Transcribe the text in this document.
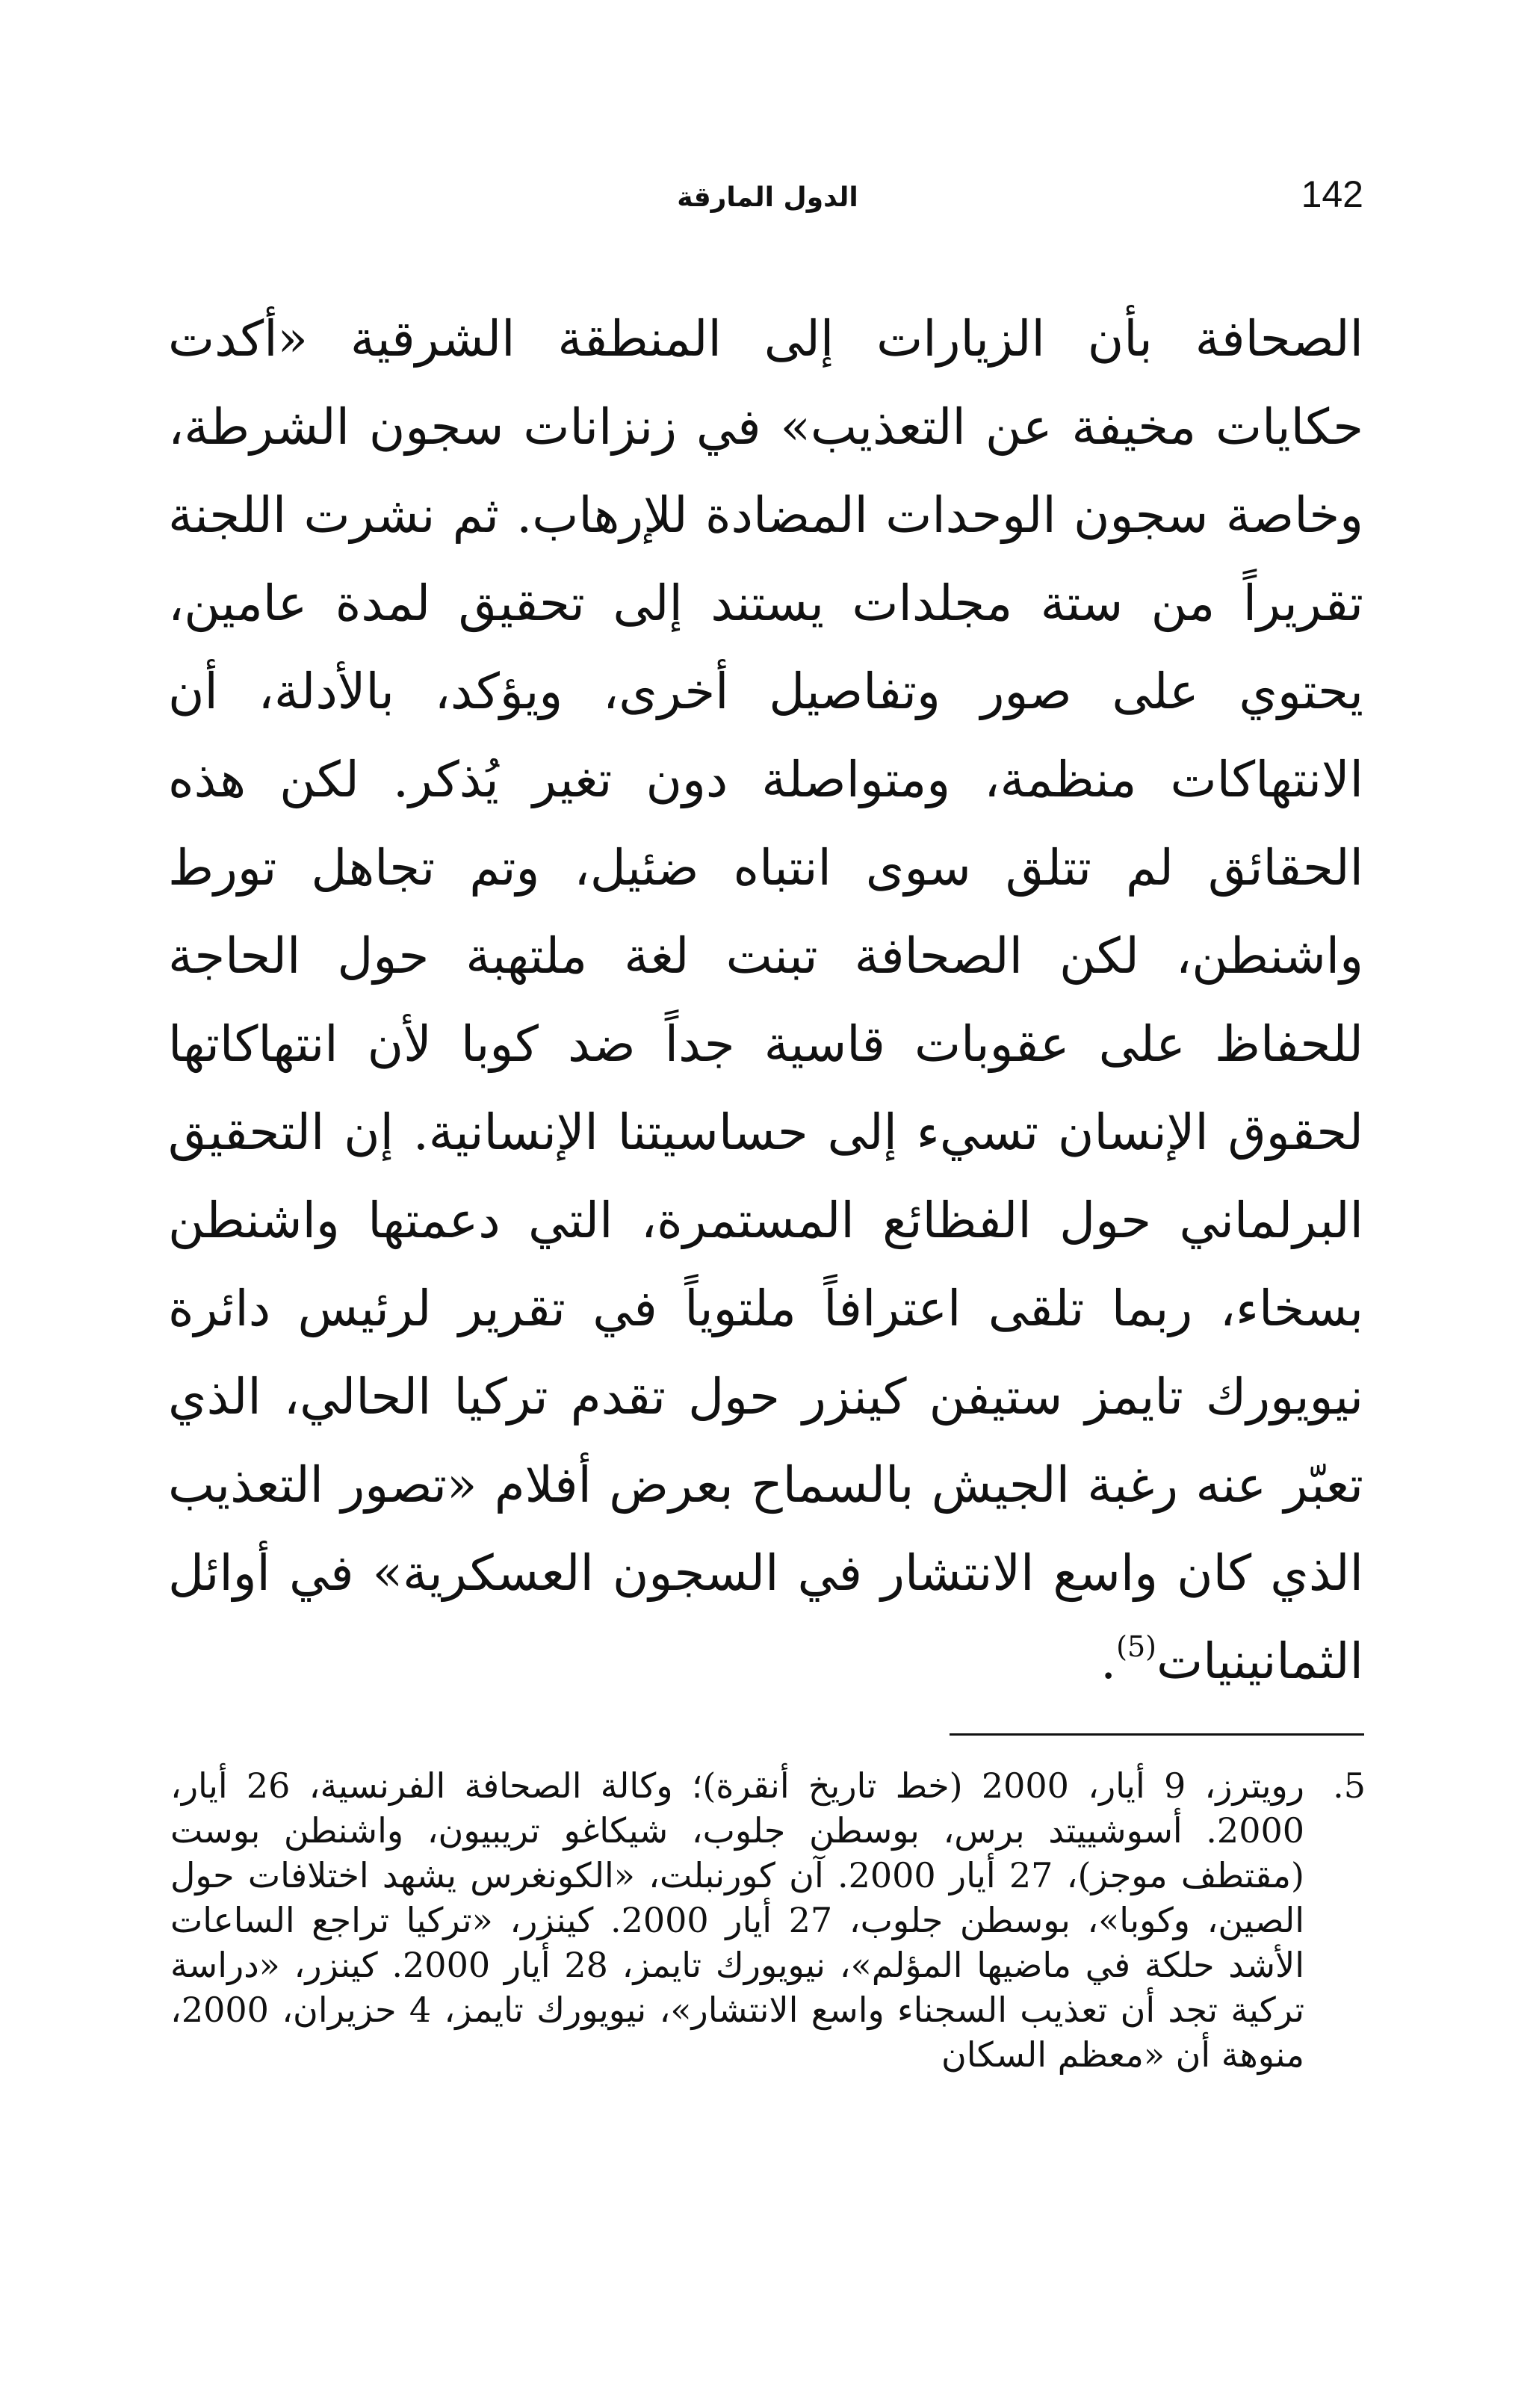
142
الدول المارقة

الصحافة بأن الزيارات إلى المنطقة الشرقية «أكدت حكايات مخيفة عن التعذيب» في زنزانات سجون الشرطة، وخاصة سجون الوحدات المضادة للإرهاب. ثم نشرت اللجنة تقريراً من ستة مجلدات يستند إلى تحقيق لمدة عامين، يحتوي على صور وتفاصيل أخرى، ويؤكد، بالأدلة، أن الانتهاكات منظمة، ومتواصلة دون تغير يُذكر. لكن هذه الحقائق لم تتلق سوى انتباه ضئيل، وتم تجاهل تورط واشنطن، لكن الصحافة تبنت لغة ملتهبة حول الحاجة للحفاظ على عقوبات قاسية جداً ضد كوبا لأن انتهاكاتها لحقوق الإنسان تسيء إلى حساسيتنا الإنسانية. إن التحقيق البرلماني حول الفظائع المستمرة، التي دعمتها واشنطن بسخاء، ربما تلقى اعترافاً ملتوياً في تقرير لرئيس دائرة نيويورك تايمز ستيفن كينزر حول تقدم تركيا الحالي، الذي تعبّر عنه رغبة الجيش بالسماح بعرض أفلام «تصور التعذيب الذي كان واسع الانتشار في السجون العسكرية» في أوائل الثمانينيات$^{(5)}$.

5.

رويترز، 9 أيار، 2000 (خط تاريخ أنقرة)؛ وكالة الصحافة الفرنسية، 26 أيار، 2000. أسوشييتد برس، بوسطن جلوب، شيكاغو تريبيون، واشنطن بوست (مقتطف موجز)، 27 أيار 2000. آن كورنبلت، «الكونغرس يشهد اختلافات حول الصين، وكوبا»، بوسطن جلوب، 27 أيار 2000. كينزر، «تركيا تراجع الساعات الأشد حلكة في ماضيها المؤلم»، نيويورك تايمز، 28 أيار 2000. كينزر، «دراسة تركية تجد أن تعذيب السجناء واسع الانتشار»، نيويورك تايمز، 4 حزيران، 2000، منوهة أن «معظم السكان
